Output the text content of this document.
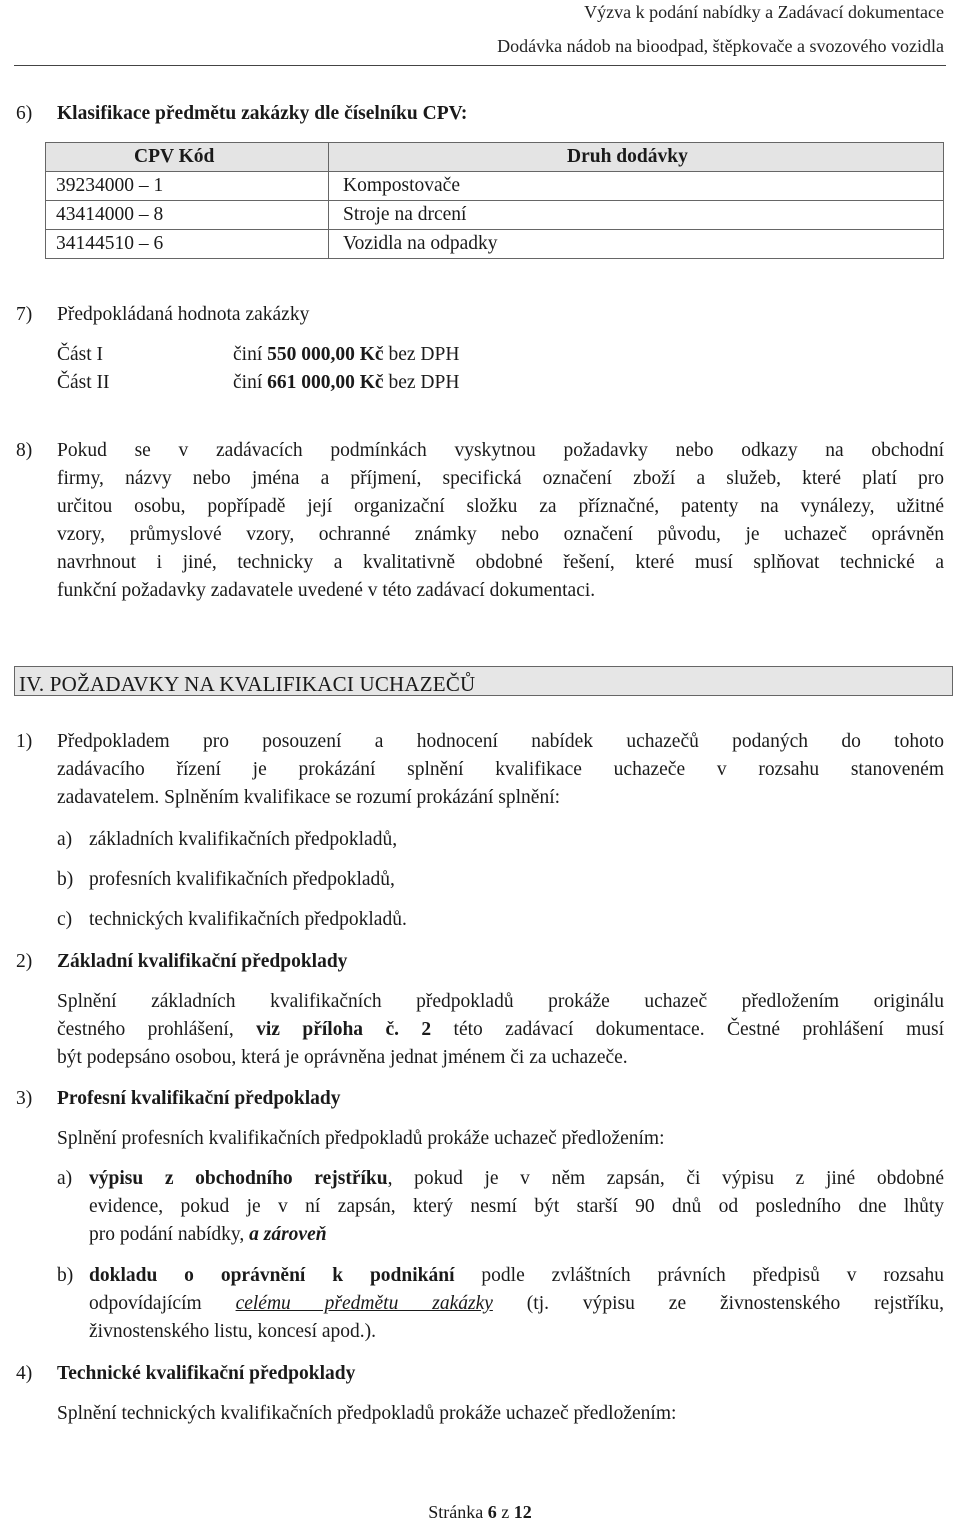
Výzva k podání nabídky a Zadávací dokumentace
Dodávka nádob na bioodpad, štěpkovače a svozového vozidla
6) Klasifikace předmětu zakázky dle číselníku CPV:
CPV Kód	Druh dodávky
39234000 – 1	Kompostovače
43414000 – 8	Stroje na drcení
34144510 – 6	Vozidla na odpadky
7) Předpokládaná hodnota zakázky
Část I	činí 550 000,00 Kč bez DPH
Část II	činí 661 000,00 Kč bez DPH
8) Pokud se v zadávacích podmínkách vyskytnou požadavky nebo odkazy na obchodní
firmy, názvy nebo jména a příjmení, specifická označení zboží a služeb, které platí pro
určitou osobu, popřípadě její organizační složku za příznačné, patenty na vynálezy, užitné
vzory, průmyslové vzory, ochranné známky nebo označení původu, je uchazeč oprávněn
navrhnout i jiné, technicky a kvalitativně obdobné řešení, které musí splňovat technické a
funkční požadavky zadavatele uvedené v této zadávací dokumentaci.
IV. POŽADAVKY NA KVALIFIKACI UCHAZEČŮ
1) Předpokladem pro posouzení a hodnocení nabídek uchazečů podaných do tohoto
zadávacího řízení je prokázání splnění kvalifikace uchazeče v rozsahu stanoveném
zadavatelem. Splněním kvalifikace se rozumí prokázání splnění:
a) základních kvalifikačních předpokladů,
b) profesních kvalifikačních předpokladů,
c) technických kvalifikačních předpokladů.
2) Základní kvalifikační předpoklady
Splnění základních kvalifikačních předpokladů prokáže uchazeč předložením originálu
čestného prohlášení, viz příloha č. 2 této zadávací dokumentace. Čestné prohlášení musí
být podepsáno osobou, která je oprávněna jednat jménem či za uchazeče.
3) Profesní kvalifikační předpoklady
Splnění profesních kvalifikačních předpokladů prokáže uchazeč předložením:
a) výpisu z obchodního rejstříku, pokud je v něm zapsán, či výpisu z jiné obdobné
evidence, pokud je v ní zapsán, který nesmí být starší 90 dnů od posledního dne lhůty
pro podání nabídky, a zároveň
b) dokladu o oprávnění k podnikání podle zvláštních právních předpisů v rozsahu
odpovídajícím celému předmětu zakázky (tj. výpisu ze živnostenského rejstříku,
živnostenského listu, koncesí apod.).
4) Technické kvalifikační předpoklady
Splnění technických kvalifikačních předpokladů prokáže uchazeč předložením:
Stránka 6 z 12
